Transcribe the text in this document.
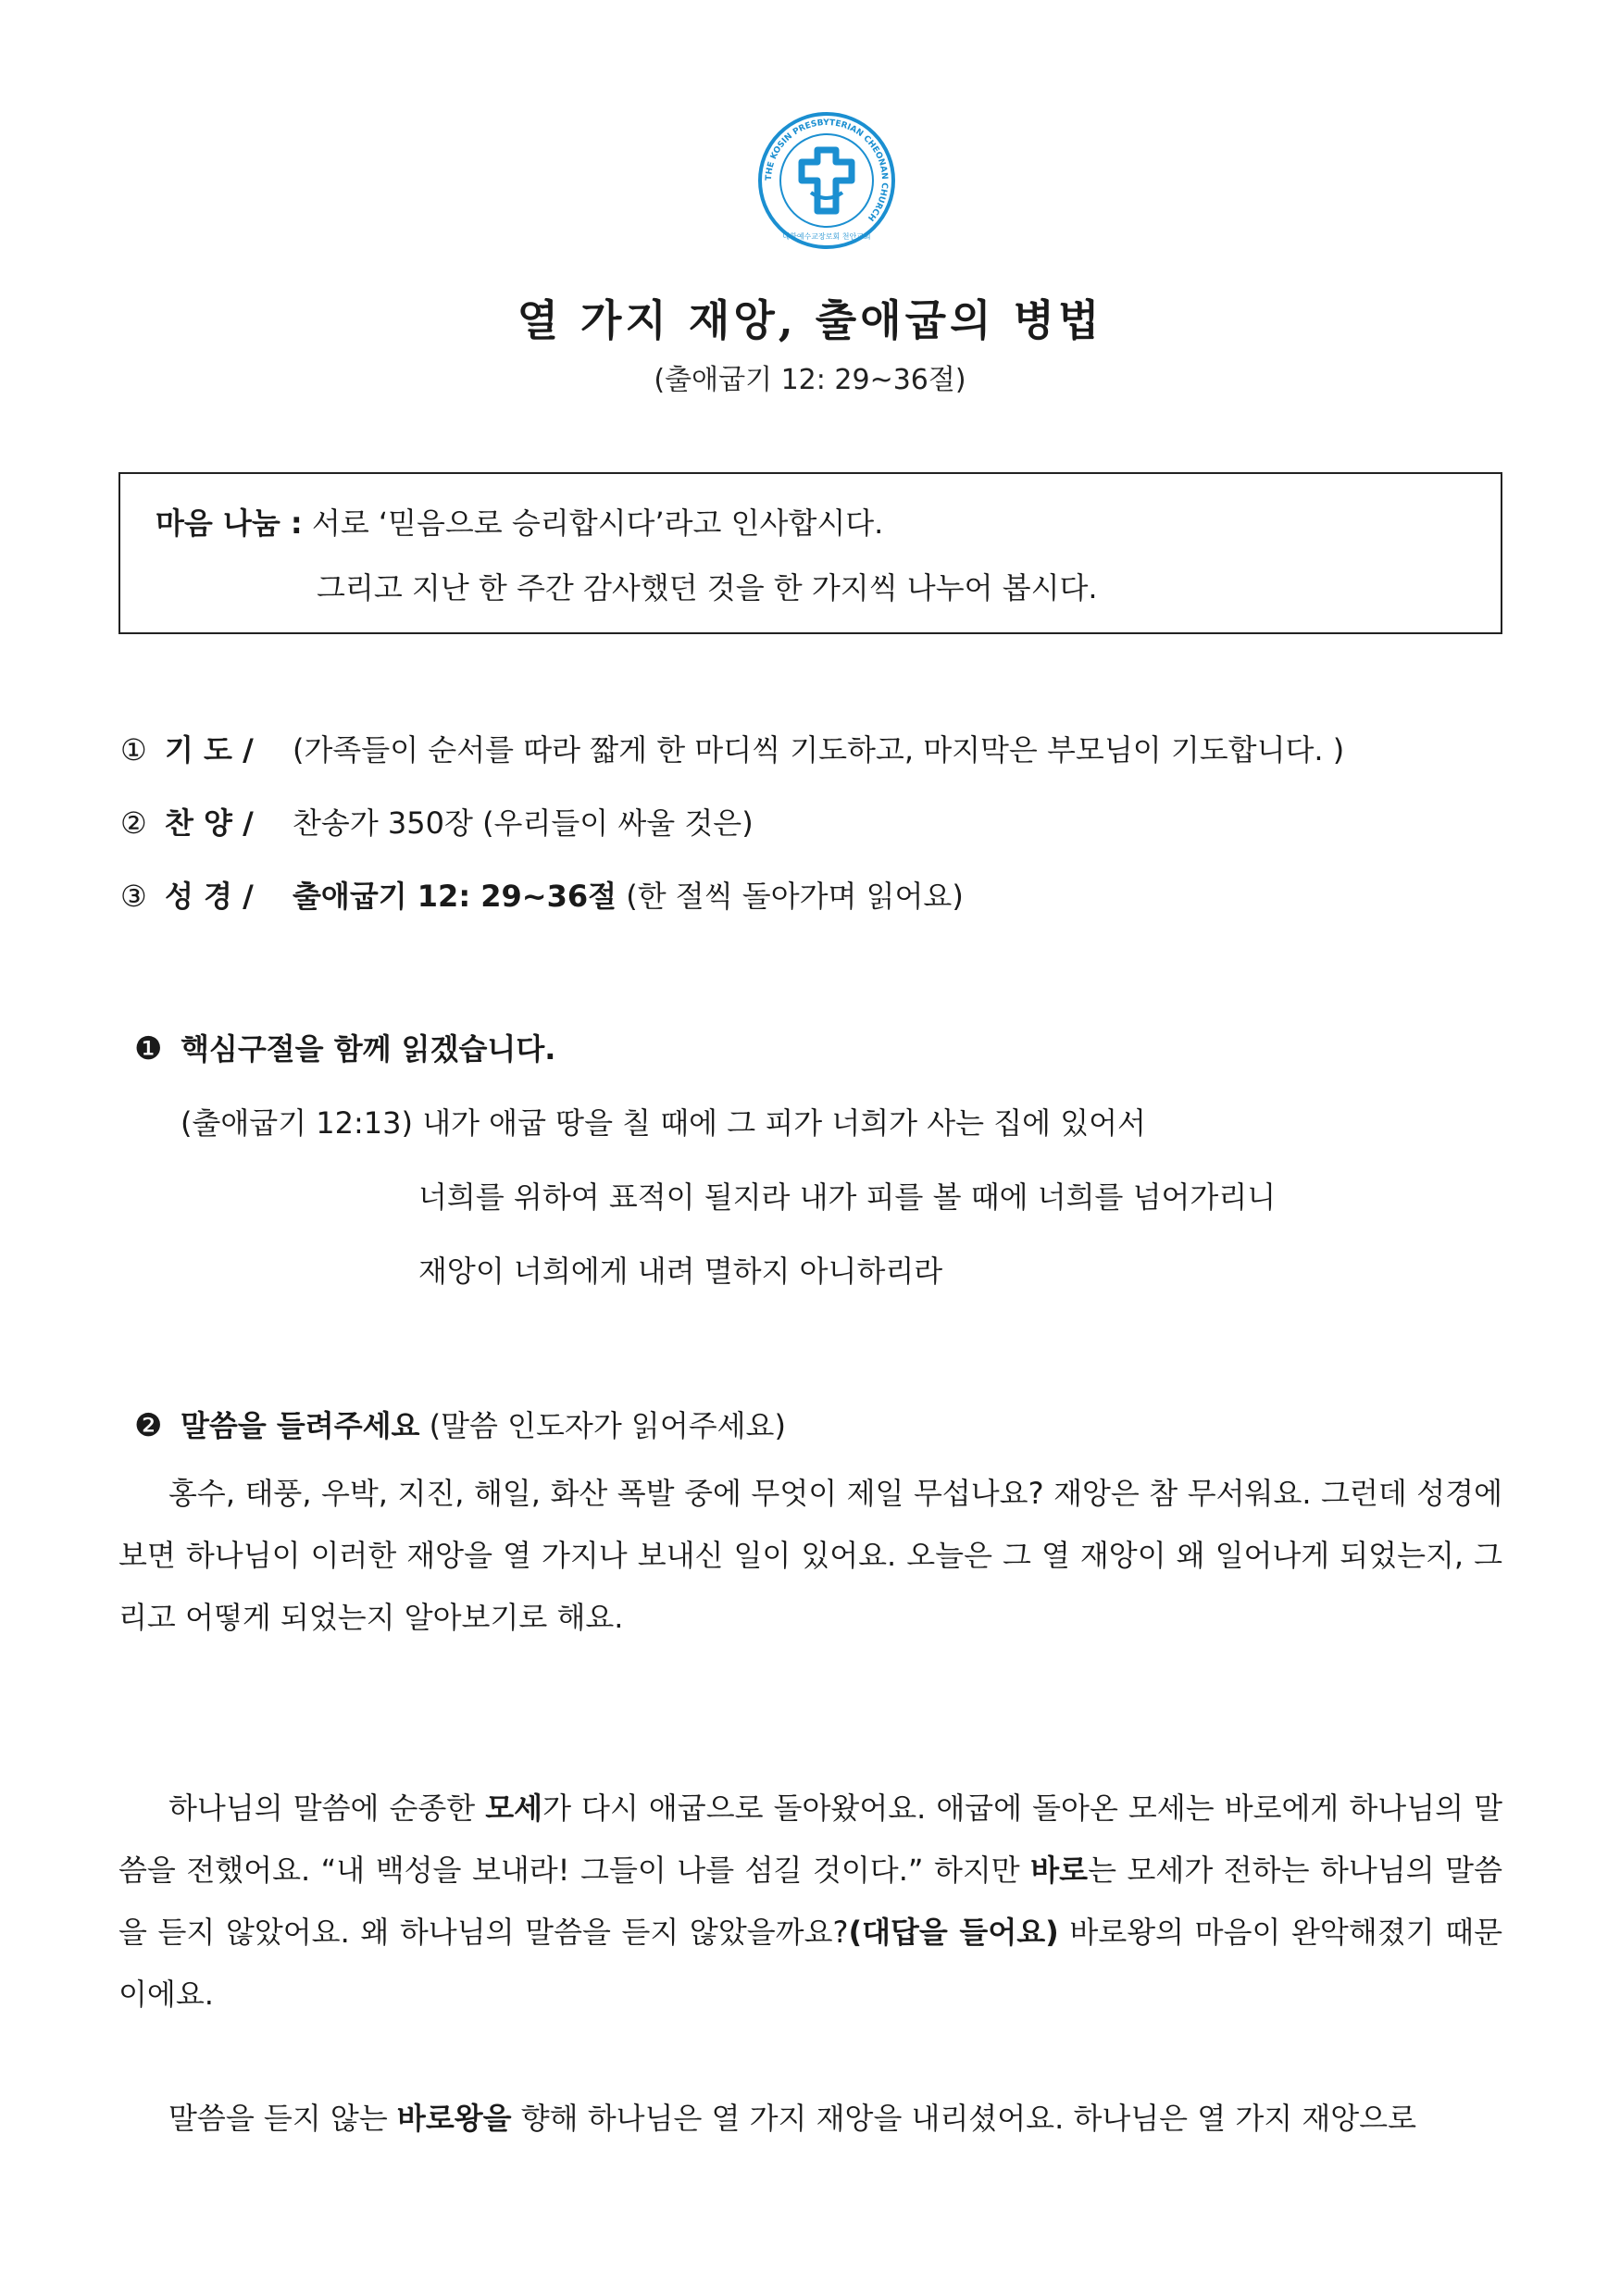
THE KOSIN PRESBYTERIAN CHEONAN CHURCH
대한예수교장로회 천안교회
열 가지 재앙, 출애굽의 병법
(출애굽기 12: 29~36절)
마음 나눔 : 서로 ‘믿음으로 승리합시다’라고 인사합시다.
그리고 지난 한 주간 감사했던 것을 한 가지씩 나누어 봅시다.
① 기 도 / (가족들이 순서를 따라 짧게 한 마디씩 기도하고, 마지막은 부모님이 기도합니다. )
② 찬 양 / 찬송가 350장 (우리들이 싸울 것은)
③ 성 경 / 출애굽기 12: 29~36절 (한 절씩 돌아가며 읽어요)
❶ 핵심구절을 함께 읽겠습니다.
(출애굽기 12:13) 내가 애굽 땅을 칠 때에 그 피가 너희가 사는 집에 있어서
너희를 위하여 표적이 될지라 내가 피를 볼 때에 너희를 넘어가리니
재앙이 너희에게 내려 멸하지 아니하리라
❷ 말씀을 들려주세요 (말씀 인도자가 읽어주세요)

홍수, 태풍, 우박, 지진, 해일, 화산 폭발 중에 무엇이 제일 무섭나요? 재앙은 참 무서워요. 그런데 성경에 보면 하나님이 이러한 재앙을 열 가지나 보내신 일이 있어요. 오늘은 그 열 재앙이 왜 일어나게 되었는지, 그리고 어떻게 되었는지 알아보기로 해요.

하나님의 말씀에 순종한 모세가 다시 애굽으로 돌아왔어요. 애굽에 돌아온 모세는 바로에게 하나님의 말씀을 전했어요. “내 백성을 보내라! 그들이 나를 섬길 것이다.” 하지만 바로는 모세가 전하는 하나님의 말씀을 듣지 않았어요. 왜 하나님의 말씀을 듣지 않았을까요?(대답을 들어요) 바로왕의 마음이 완악해졌기 때문이에요.

말씀을 듣지 않는 바로왕을 향해 하나님은 열 가지 재앙을 내리셨어요. 하나님은 열 가지 재앙으로
